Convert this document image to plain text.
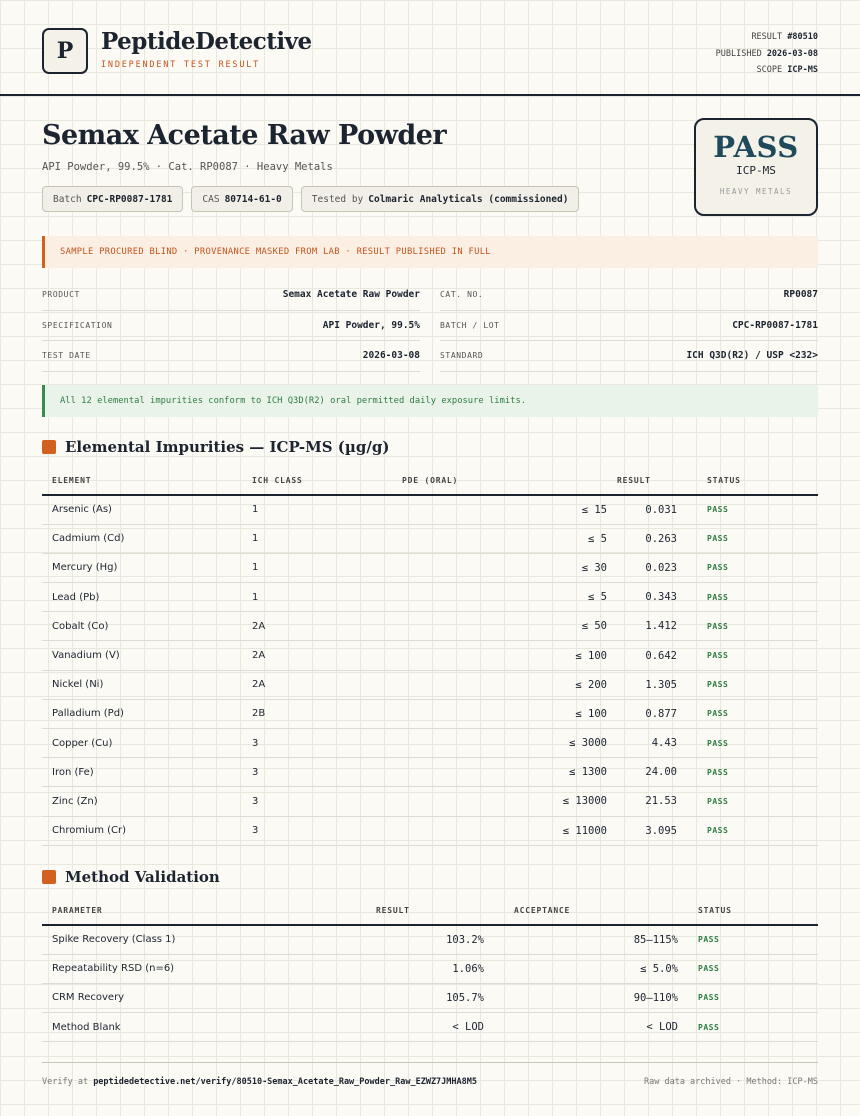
P	PeptideDetective
INDEPENDENT TEST RESULT
RESULT #80510
PUBLISHED 2026-03-08
SCOPE ICP-MS
Semax Acetate Raw Powder
API Powder, 99.5% · Cat. RP0087 · Heavy Metals
Batch CPC-RP0087-1781	CAS 80714-61-0	Tested by Colmaric Analyticals (commissioned)
PASS
ICP-MS
HEAVY METALS
SAMPLE PROCURED BLIND · PROVENANCE MASKED FROM LAB · RESULT PUBLISHED IN FULL
PRODUCT	Semax Acetate Raw Powder
SPECIFICATION	API Powder, 99.5%
TEST DATE	2026-03-08
CAT. NO.	RP0087
BATCH / LOT	CPC-RP0087-1781
STANDARD	ICH Q3D(R2) / USP <232>
All 12 elemental impurities conform to ICH Q3D(R2) oral permitted daily exposure limits.
Elemental Impurities — ICP-MS (µg/g)
ELEMENT	ICH CLASS	PDE (ORAL)	RESULT	STATUS
Arsenic (As)	1	≤ 15	0.031	PASS
Cadmium (Cd)	1	≤ 5	0.263	PASS
Mercury (Hg)	1	≤ 30	0.023	PASS
Lead (Pb)	1	≤ 5	0.343	PASS
Cobalt (Co)	2A	≤ 50	1.412	PASS
Vanadium (V)	2A	≤ 100	0.642	PASS
Nickel (Ni)	2A	≤ 200	1.305	PASS
Palladium (Pd)	2B	≤ 100	0.877	PASS
Copper (Cu)	3	≤ 3000	4.43	PASS
Iron (Fe)	3	≤ 1300	24.00	PASS
Zinc (Zn)	3	≤ 13000	21.53	PASS
Chromium (Cr)	3	≤ 11000	3.095	PASS
Method Validation
PARAMETER	RESULT	ACCEPTANCE	STATUS
Spike Recovery (Class 1)	103.2%	85–115%	PASS
Repeatability RSD (n=6)	1.06%	≤ 5.0%	PASS
CRM Recovery	105.7%	90–110%	PASS
Method Blank	< LOD	< LOD	PASS
Verify at peptidedetective.net/verify/80510-Semax_Acetate_Raw_Powder_Raw_EZWZ7JMHA8M5	Raw data archived · Method: ICP-MS
